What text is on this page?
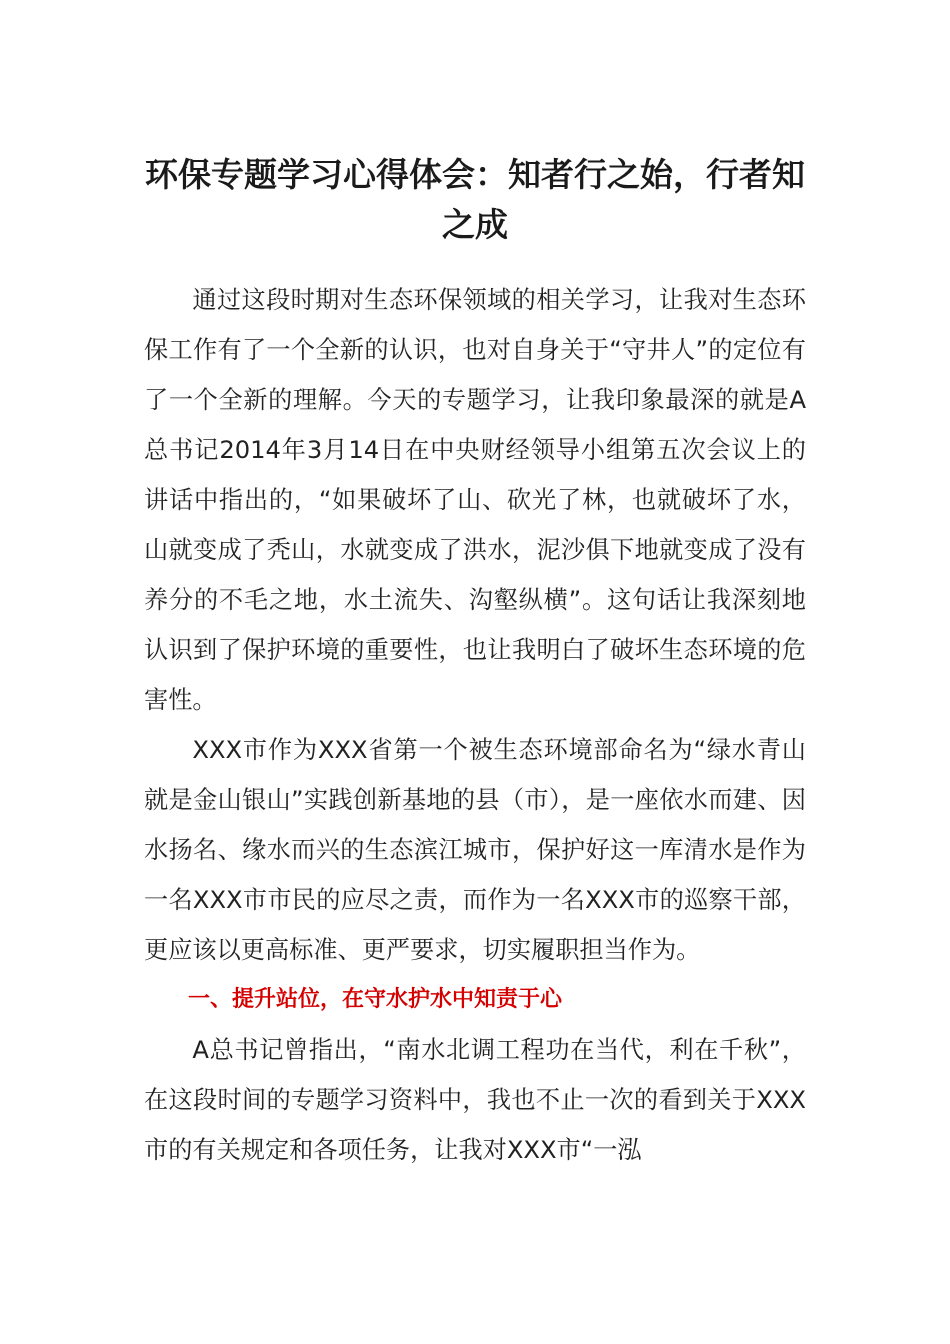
环保专题学习心得体会：知者行之始，行者知之成

通过这段时期对生态环保领域的相关学习，让我对生态环保工作有了一个全新的认识，也对自身关于“守井人”的定位有了一个全新的理解。今天的专题学习，让我印象最深的就是A总书记2014年3月14日在中央财经领导小组第五次会议上的讲话中指出的，“如果破坏了山、砍光了林，也就破坏了水，山就变成了秃山，水就变成了洪水，泥沙俱下地就变成了没有养分的不毛之地，水土流失、沟壑纵横”。这句话让我深刻地认识到了保护环境的重要性，也让我明白了破坏生态环境的危害性。

XXX市作为XXX省第一个被生态环境部命名为“绿水青山就是金山银山”实践创新基地的县（市），是一座依水而建、因水扬名、缘水而兴的生态滨江城市，保护好这一库清水是作为一名XXX市市民的应尽之责，而作为一名XXX市的巡察干部，更应该以更高标准、更严要求，切实履职担当作为。

一、提升站位，在守水护水中知责于心

A总书记曾指出，“南水北调工程功在当代，利在千秋”，在这段时间的专题学习资料中，我也不止一次的看到关于XXX市的有关规定和各项任务，让我对XXX市“一泓
